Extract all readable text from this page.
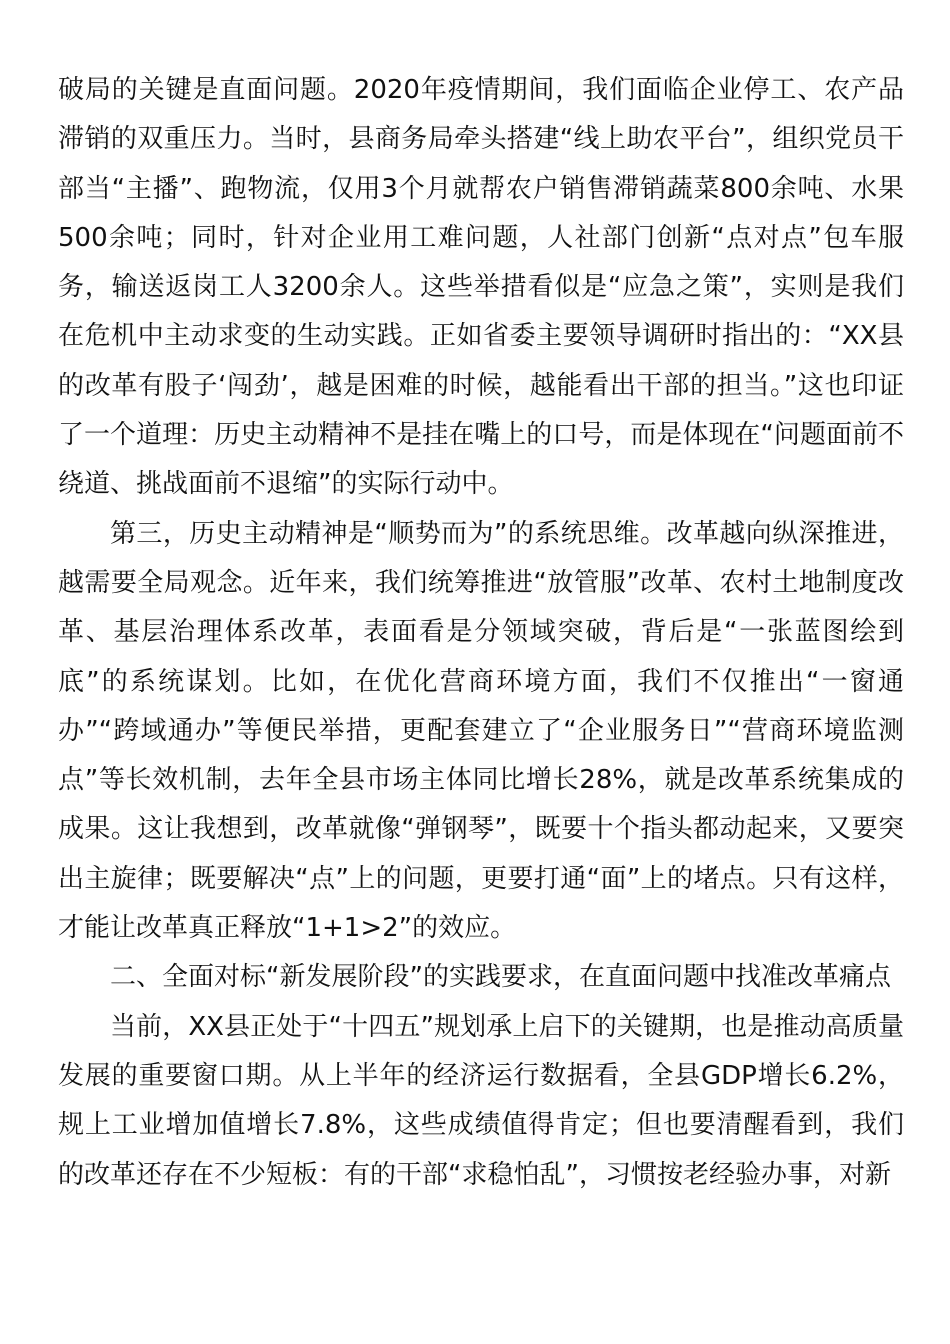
破局的关键是直面问题。2020年疫情期间，我们面临企业停工、农产品滞销的双重压力。当时，县商务局牵头搭建“线上助农平台”，组织党员干部当“主播”、跑物流，仅用3个月就帮农户销售滞销蔬菜800余吨、水果500余吨；同时，针对企业用工难问题，人社部门创新“点对点”包车服务，输送返岗工人3200余人。这些举措看似是“应急之策”，实则是我们在危机中主动求变的生动实践。正如省委主要领导调研时指出的：“XX县的改革有股子‘闯劲’，越是困难的时候，越能看出干部的担当。”这也印证了一个道理：历史主动精神不是挂在嘴上的口号，而是体现在“问题面前不绕道、挑战面前不退缩”的实际行动中。

第三，历史主动精神是“顺势而为”的系统思维。改革越向纵深推进，越需要全局观念。近年来，我们统筹推进“放管服”改革、农村土地制度改革、基层治理体系改革，表面看是分领域突破，背后是“一张蓝图绘到底”的系统谋划。比如，在优化营商环境方面，我们不仅推出“一窗通办”“跨域通办”等便民举措，更配套建立了“企业服务日”“营商环境监测点”等长效机制，去年全县市场主体同比增长28%，就是改革系统集成的成果。这让我想到，改革就像“弹钢琴”，既要十个指头都动起来，又要突出主旋律；既要解决“点”上的问题，更要打通“面”上的堵点。只有这样，才能让改革真正释放“1+1>2”的效应。

二、全面对标“新发展阶段”的实践要求，在直面问题中找准改革痛点

当前，XX县正处于“十四五”规划承上启下的关键期，也是推动高质量发展的重要窗口期。从上半年的经济运行数据看，全县GDP增长6.2%，规上工业增加值增长7.8%，这些成绩值得肯定；但也要清醒看到，我们的改革还存在不少短板：有的干部“求稳怕乱”，习惯按老经验办事，对新
